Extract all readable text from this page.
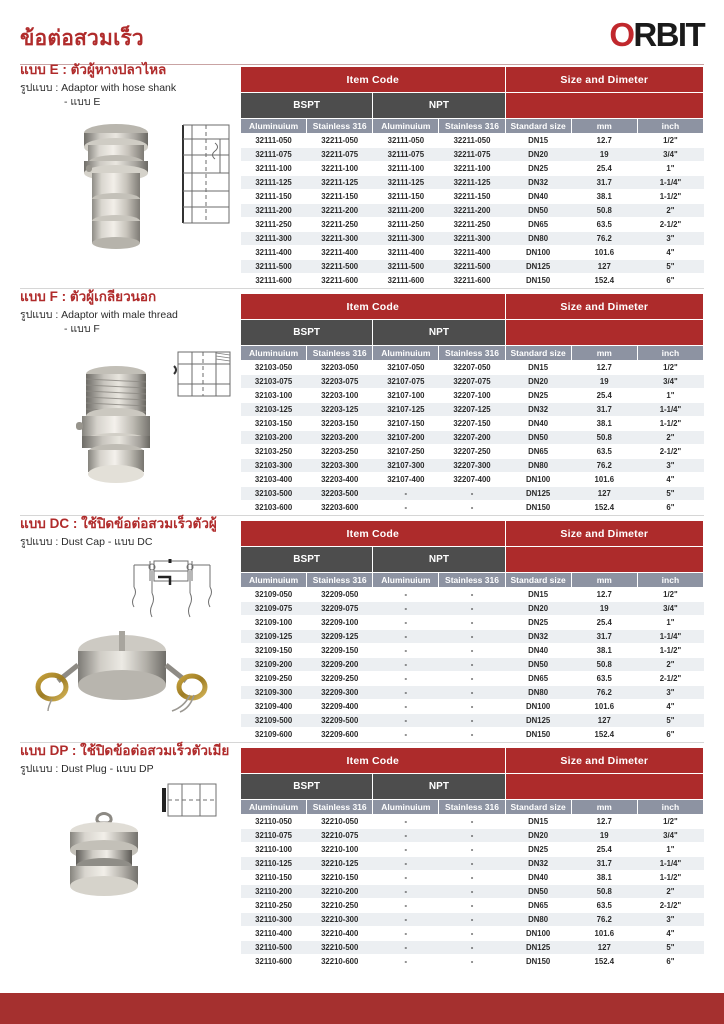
ข้อต่อสวมเร็ว	ORBIT
แบบ E : ตัวผู้หางปลาไหล
รูปแบบ : Adaptor with hose shank
- แบบ E
Item Code				Size and Dimeter		

BSPT		NPT				
Aluminuium	Stainless 316	Aluminuium	Stainless 316	Standard size	mm	inch
32111-050	32211-050	32111-050	32211-050	DN15	12.7	1/2"
32111-075	32211-075	32111-075	32211-075	DN20	19	3/4"
32111-100	32211-100	32111-100	32211-100	DN25	25.4	1"
32111-125	32211-125	32111-125	32211-125	DN32	31.7	1-1/4"
32111-150	32211-150	32111-150	32211-150	DN40	38.1	1-1/2"
32111-200	32211-200	32111-200	32211-200	DN50	50.8	2"
32111-250	32211-250	32111-250	32211-250	DN65	63.5	2-1/2"
32111-300	32211-300	32111-300	32211-300	DN80	76.2	3"
32111-400	32211-400	32111-400	32211-400	DN100	101.6	4"
32111-500	32211-500	32111-500	32211-500	DN125	127	5"
32111-600	32211-600	32111-600	32211-600	DN150	152.4	6"
แบบ F : ตัวผู้เกลียวนอก
รูปแบบ : Adaptor with male thread
- แบบ F
Item Code				Size and Dimeter		

BSPT		NPT				
Aluminuium	Stainless 316	Aluminuium	Stainless 316	Standard size	mm	inch
32103-050	32203-050	32107-050	32207-050	DN15	12.7	1/2"
32103-075	32203-075	32107-075	32207-075	DN20	19	3/4"
32103-100	32203-100	32107-100	32207-100	DN25	25.4	1"
32103-125	32203-125	32107-125	32207-125	DN32	31.7	1-1/4"
32103-150	32203-150	32107-150	32207-150	DN40	38.1	1-1/2"
32103-200	32203-200	32107-200	32207-200	DN50	50.8	2"
32103-250	32203-250	32107-250	32207-250	DN65	63.5	2-1/2"
32103-300	32203-300	32107-300	32207-300	DN80	76.2	3"
32103-400	32203-400	32107-400	32207-400	DN100	101.6	4"
32103-500	32203-500	-	-	DN125	127	5"
32103-600	32203-600	-	-	DN150	152.4	6"
แบบ DC : ใช้ปิดข้อต่อสวมเร็วตัวผู้
รูปแบบ : Dust Cap - แบบ DC
Item Code				Size and Dimeter		

BSPT		NPT				
Aluminuium	Stainless 316	Aluminuium	Stainless 316	Standard size	mm	inch
32109-050	32209-050	-	-	DN15	12.7	1/2"
32109-075	32209-075	-	-	DN20	19	3/4"
32109-100	32209-100	-	-	DN25	25.4	1"
32109-125	32209-125	-	-	DN32	31.7	1-1/4"
32109-150	32209-150	-	-	DN40	38.1	1-1/2"
32109-200	32209-200	-	-	DN50	50.8	2"
32109-250	32209-250	-	-	DN65	63.5	2-1/2"
32109-300	32209-300	-	-	DN80	76.2	3"
32109-400	32209-400	-	-	DN100	101.6	4"
32109-500	32209-500	-	-	DN125	127	5"
32109-600	32209-600	-	-	DN150	152.4	6"
แบบ DP : ใช้ปิดข้อต่อสวมเร็วตัวเมีย
รูปแบบ : Dust Plug - แบบ DP
Item Code				Size and Dimeter		

BSPT		NPT				
Aluminuium	Stainless 316	Aluminuium	Stainless 316	Standard size	mm	inch
32110-050	32210-050	-	-	DN15	12.7	1/2"
32110-075	32210-075	-	-	DN20	19	3/4"
32110-100	32210-100	-	-	DN25	25.4	1"
32110-125	32210-125	-	-	DN32	31.7	1-1/4"
32110-150	32210-150	-	-	DN40	38.1	1-1/2"
32110-200	32210-200	-	-	DN50	50.8	2"
32110-250	32210-250	-	-	DN65	63.5	2-1/2"
32110-300	32210-300	-	-	DN80	76.2	3"
32110-400	32210-400	-	-	DN100	101.6	4"
32110-500	32210-500	-	-	DN125	127	5"
32110-600	32210-600	-	-	DN150	152.4	6"
